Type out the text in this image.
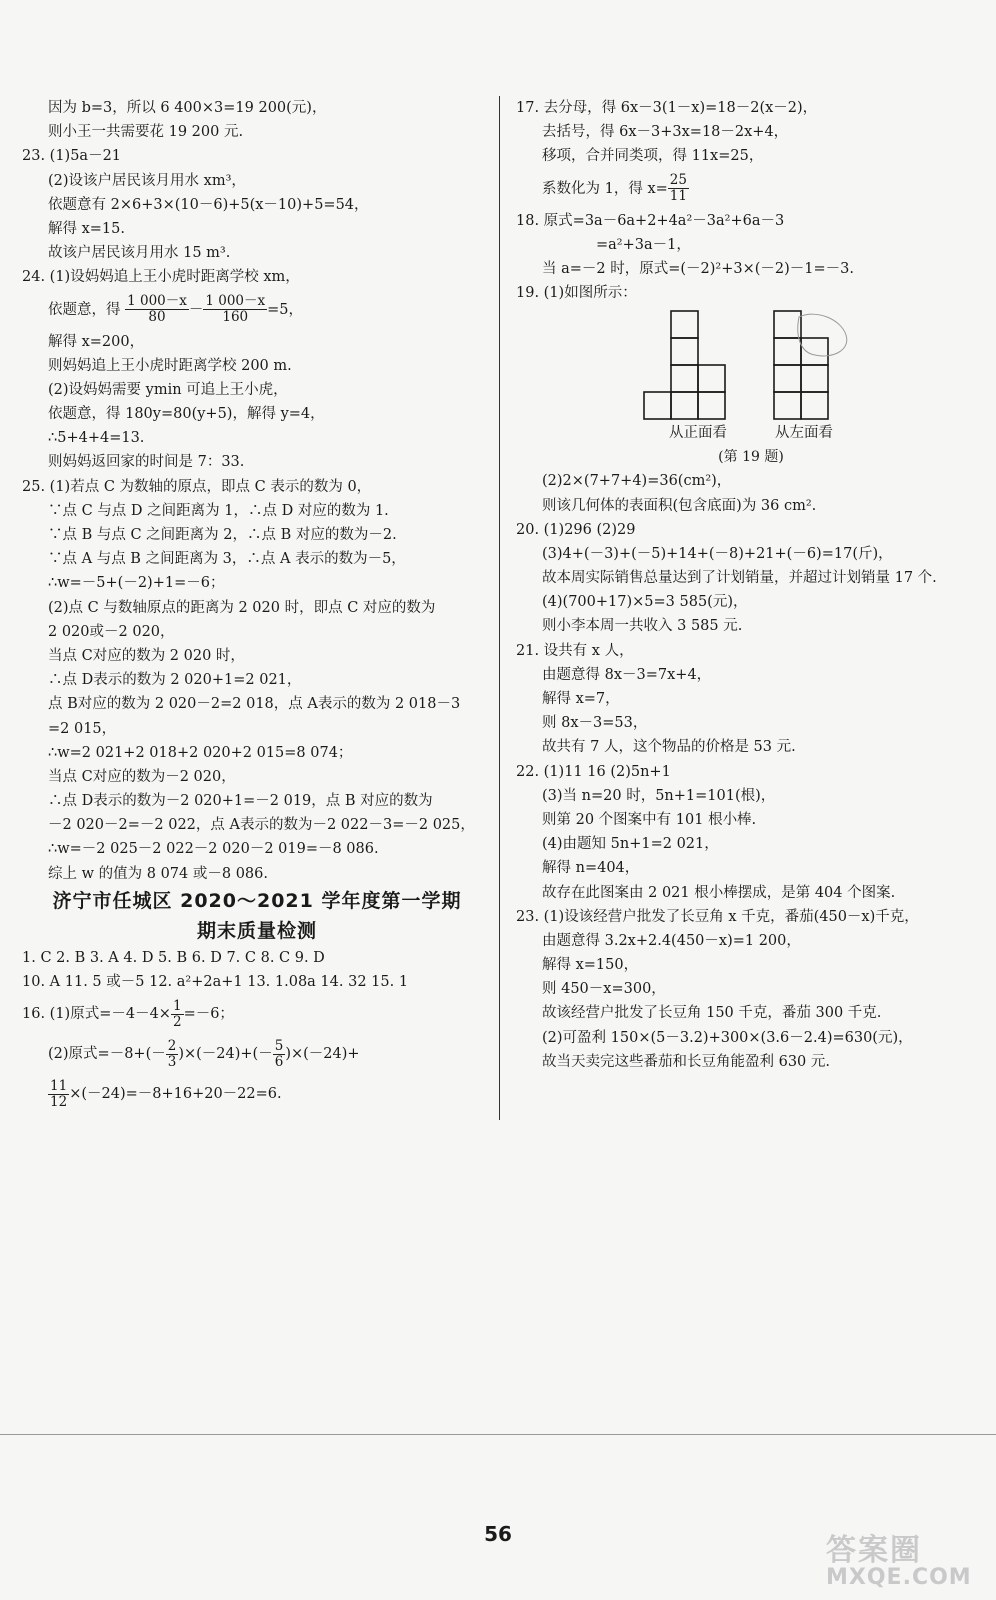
因为 b=3，所以 6 400×3=19 200(元)，
则小王一共需要花 19 200 元.
23. (1)5a－21
(2)设该户居民该月用水 xm³，
依题意有 2×6+3×(10－6)+5(x－10)+5=54，
解得 x=15.
故该户居民该月用水 15 m³.
24. (1)设妈妈追上王小虎时距离学校 xm，
依题意，得 $\frac{1 000-x}{80} - \frac{1 000-x}{160} =5$，
解得 x=200，
则妈妈追上王小虎时距离学校 200 m.
(2)设妈妈需要 ymin 可追上王小虎，
依题意，得 180y=80(y+5)，解得 y=4，
∴5+4+4=13.
则妈妈返回家的时间是 7：33.
25. (1)若点 C 为数轴的原点，即点 C 表示的数为 0，
∵点 C 与点 D 之间距离为 1，∴点 D 对应的数为 1.
∵点 B 与点 C 之间距离为 2，∴点 B 对应的数为－2.
∵点 A 与点 B 之间距离为 3，∴点 A 表示的数为－5，
∴w=－5+(－2)+1=－6；
(2)点 C 与数轴原点的距离为 2 020 时，即点 C 对应的数为
2 020或－2 020，
当点 C对应的数为 2 020 时，
∴点 D表示的数为 2 020+1=2 021，
点 B对应的数为 2 020－2=2 018，点 A表示的数为 2 018－3
=2 015，
∴w=2 021+2 018+2 020+2 015=8 074；
当点 C对应的数为－2 020，
∴点 D表示的数为－2 020+1=－2 019，点 B 对应的数为
－2 020－2=－2 022，点 A表示的数为－2 022－3=－2 025，
∴w=－2 025－2 022－2 020－2 019=－8 086.
综上 w 的值为 8 074 或－8 086.
济宁市任城区 2020～2021 学年度第一学期
期末质量检测
1. C 2. B 3. A 4. D 5. B 6. D 7. C 8. C 9. D
10. A 11. 5 或－5 12. a²+2a+1 13. 1.08a 14. 32 15. 1
16. (1)原式$=-4-4\times \frac{1}{2} =-6$；
(2)原式$=-8+(- \frac{2}{3} )\times(-24)+(- \frac{5}{6} )\times(-24)+$
$\frac{11}{12} \times(-24)=-8+16+20-22=6$.
17. 去分母，得 6x－3(1－x)=18－2(x－2)，
去括号，得 6x－3+3x=18－2x+4，
移项，合并同类项，得 11x=25，
系数化为 1，得 $x= \frac{25}{11}$
18. 原式=3a－6a+2+4a²－3a²+6a－3
=a²+3a－1，
当 a=－2 时，原式=(－2)²+3×(－2)－1=－3.
19. (1)如图所示：
从正面看	从左面看
(第 19 题)
(2)2×(7+7+4)=36(cm²)，
则该几何体的表面积(包含底面)为 36 cm².
20. (1)296 (2)29
(3)4+(－3)+(－5)+14+(－8)+21+(－6)=17(斤)，
故本周实际销售总量达到了计划销量，并超过计划销量 17 个.
(4)(700+17)×5=3 585(元)，
则小李本周一共收入 3 585 元.
21. 设共有 x 人，
由题意得 8x－3=7x+4，
解得 x=7，
则 8x－3=53，
故共有 7 人，这个物品的价格是 53 元.
22. (1)11 16 (2)5n+1
(3)当 n=20 时，5n+1=101(根)，
则第 20 个图案中有 101 根小棒.
(4)由题知 5n+1=2 021，
解得 n=404，
故存在此图案由 2 021 根小棒摆成，是第 404 个图案.
23. (1)设该经营户批发了长豆角 x 千克，番茄(450－x)千克，
由题意得 3.2x+2.4(450－x)=1 200，
解得 x=150，
则 450－x=300，
故该经营户批发了长豆角 150 千克，番茄 300 千克.
(2)可盈利 150×(5－3.2)+300×(3.6－2.4)=630(元)，
故当天卖完这些番茄和长豆角能盈利 630 元.
56	答案圈
MXQE.COM
